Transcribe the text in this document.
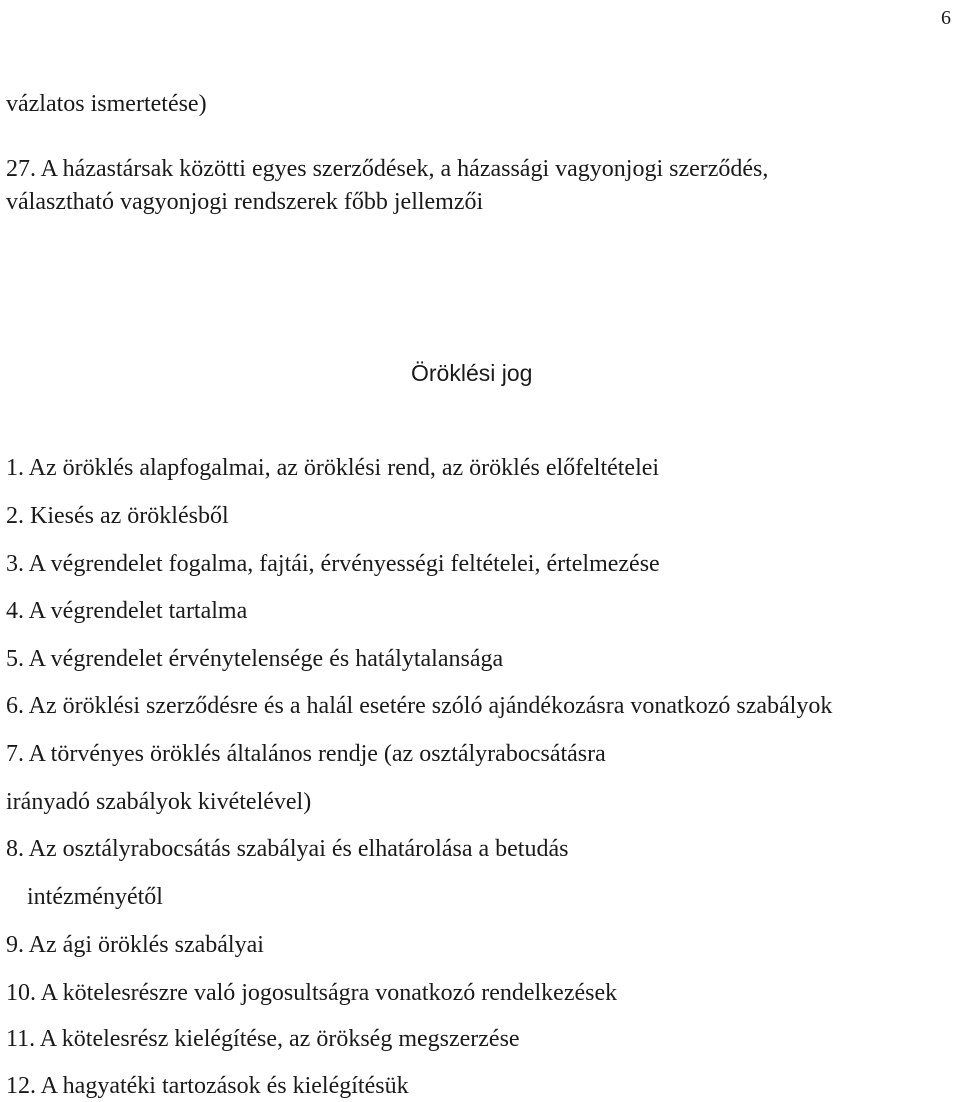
6
vázlatos ismertetése)
27. A házastársak közötti egyes szerződések, a házassági vagyonjogi szerződés,
választható vagyonjogi rendszerek főbb jellemzői
Öröklési jog
1. Az öröklés alapfogalmai, az öröklési rend, az öröklés előfeltételei
2. Kiesés az öröklésből
3. A végrendelet fogalma, fajtái, érvényességi feltételei, értelmezése
4. A végrendelet tartalma
5. A végrendelet érvénytelensége és hatálytalansága
6. Az öröklési szerződésre és a halál esetére szóló ajándékozásra vonatkozó szabályok
7. A törvényes öröklés általános rendje (az osztályrabocsátásra
irányadó szabályok kivételével)
8. Az osztályrabocsátás szabályai és elhatárolása a betudás
intézményétől
9. Az ági öröklés szabályai
10. A kötelesrészre való jogosultságra vonatkozó rendelkezések
11. A kötelesrész kielégítése, az örökség megszerzése
12. A hagyatéki tartozások és kielégítésük
